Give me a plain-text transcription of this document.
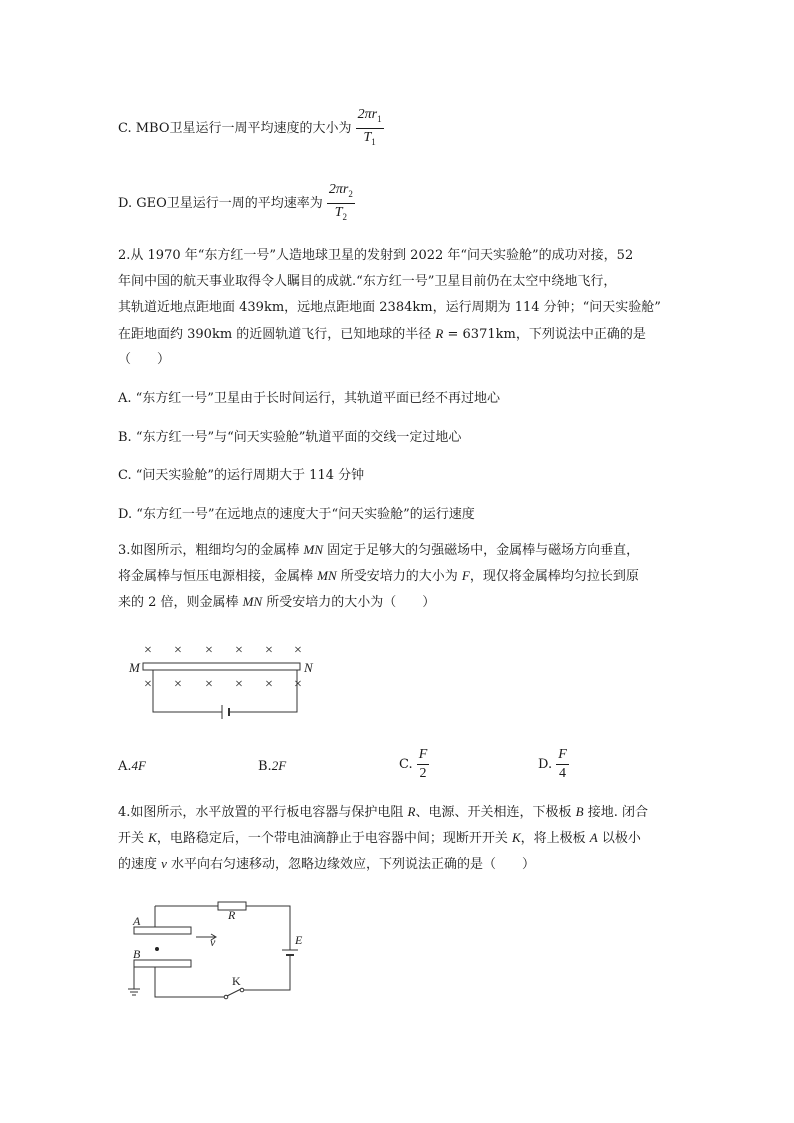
C. MBO卫星运行一周平均速度的大小为 $\frac{2\pi r_1}{T_1}$
D. GEO卫星运行一周的平均速率为 $\frac{2\pi r_2}{T_2}$
2.从 1970 年“东方红一号”人造地球卫星的发射到 2022 年“问天实验舱”的成功对接，52
年间中国的航天事业取得令人瞩目的成就.“东方红一号”卫星目前仍在太空中绕地飞行，
其轨道近地点距地面 439km，远地点距地面 2384km，运行周期为 114 分钟；“问天实验舱”
在距地面约 390km 的近圆轨道飞行，已知地球的半径 R = 6371km，下列说法中正确的是
（　　）
A. “东方红一号”卫星由于长时间运行，其轨道平面已经不再过地心
B. “东方红一号”与“问天实验舱”轨道平面的交线一定过地心
C. “问天实验舱”的运行周期大于 114 分钟
D. “东方红一号”在远地点的速度大于“问天实验舱”的运行速度
3.如图所示，粗细均匀的金属棒 MN 固定于足够大的匀强磁场中，金属棒与磁场方向垂直，
将金属棒与恒压电源相接，金属棒 MN 所受安培力的大小为 F，现仅将金属棒均匀拉长到原
来的 2 倍，则金属棒 MN 所受安培力的大小为（　　）
× × × × × ×
M	N
× × × × × ×
A.4F	B.2F	C. $\frac{F}{2}$	D. $\frac{F}{4}$
4.如图所示，水平放置的平行板电容器与保护电阻 R、电源、开关相连，下极板 B 接地. 闭合
开关 K，电路稳定后，一个带电油滴静止于电容器中间；现断开开关 K，将上极板 A 以极小
的速度 v 水平向右匀速移动，忽略边缘效应，下列说法正确的是（　　）
R
A
v
B
E
K
